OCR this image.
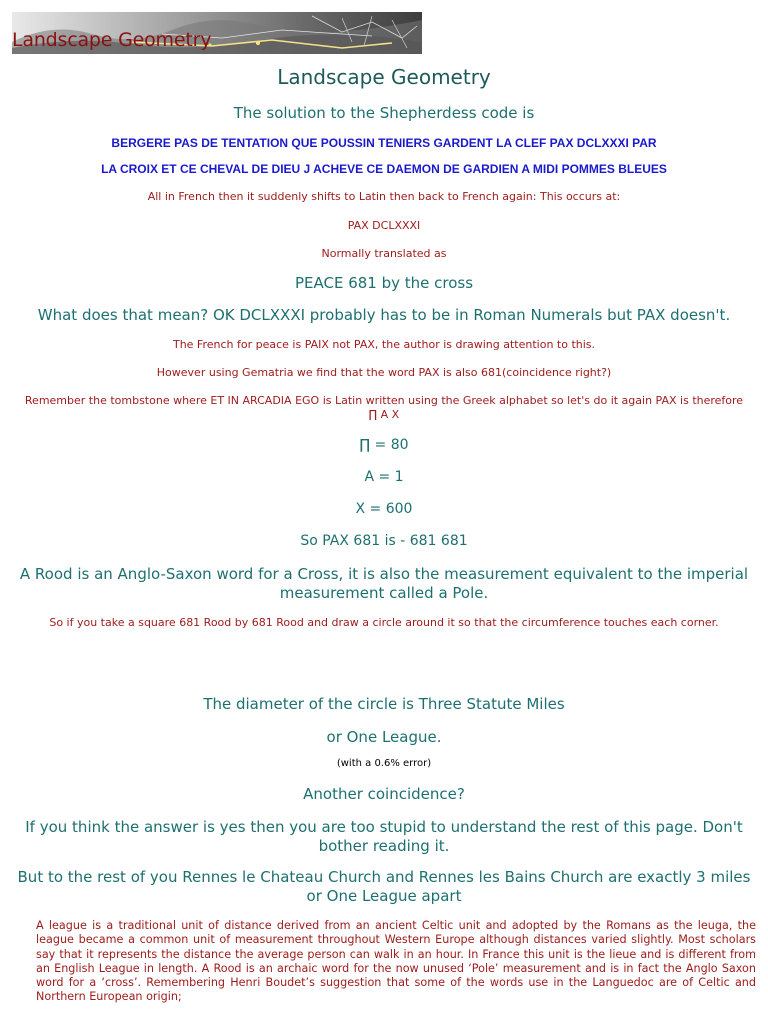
Landscape Geometry

Landscape Geometry

The solution to the Shepherdess code is

BERGERE PAS DE TENTATION QUE POUSSIN TENIERS GARDENT LA CLEF PAX DCLXXXI PAR

LA CROIX ET CE CHEVAL DE DIEU J ACHEVE CE DAEMON DE GARDIEN A MIDI POMMES BLEUES

All in French then it suddenly shifts to Latin then back to French again: This occurs at:

PAX DCLXXXI

Normally translated as

PEACE 681 by the cross

What does that mean? OK DCLXXXI probably has to be in Roman Numerals but PAX doesn't.

The French for peace is PAIX not PAX, the author is drawing attention to this.

However using Gematria we find that the word PAX is also 681(coincidence right?)

Remember the tombstone where ET IN ARCADIA EGO is Latin written using the Greek alphabet so let's do it again PAX is therefore ∏ A X

∏ = 80

A = 1

X = 600

So PAX 681 is - 681 681

A Rood is an Anglo-Saxon word for a Cross, it is also the measurement equivalent to the imperial measurement called a Pole.

So if you take a square 681 Rood by 681 Rood and draw a circle around it so that the circumference touches each corner.

The diameter of the circle is Three Statute Miles

or One League.

(with a 0.6% error)

Another coincidence?

If you think the answer is yes then you are too stupid to understand the rest of this page. Don't bother reading it.

But to the rest of you Rennes le Chateau Church and Rennes les Bains Church are exactly 3 miles or One League apart

A league is a traditional unit of distance derived from an ancient Celtic unit and adopted by the Romans as the leuga, the league became a common unit of measurement throughout Western Europe although distances varied slightly. Most scholars say that it represents the distance the average person can walk in an hour. In France this unit is the lieue and is different from an English League in length. A Rood is an archaic word for the now unused ‘Pole’ measurement and is in fact the Anglo Saxon word for a ‘cross’. Remembering Henri Boudet’s suggestion that some of the words use in the Languedoc are of Celtic and Northern European origin;
